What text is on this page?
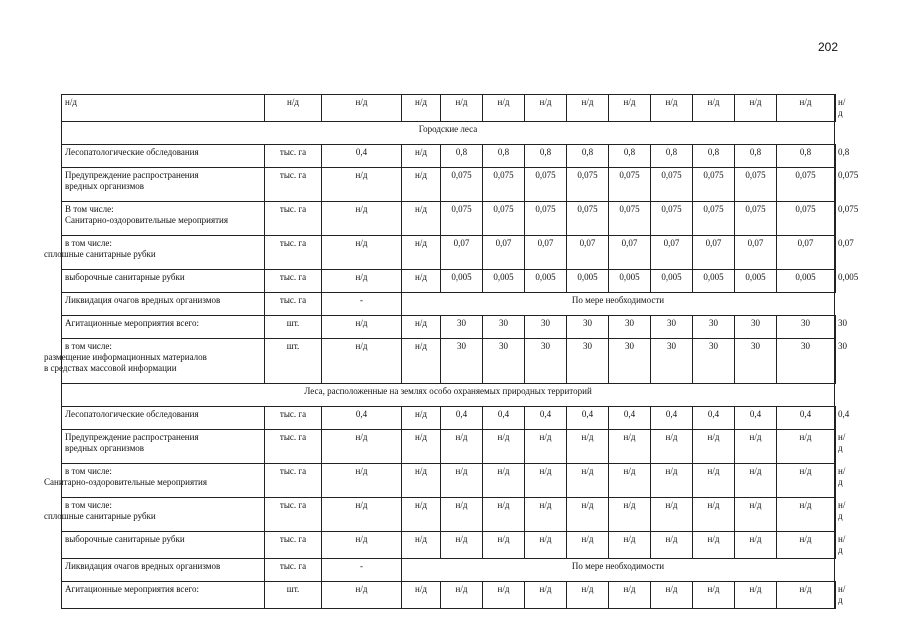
202
н/д	н/д	н/д	н/д	н/д	н/д	н/д	н/д	н/д	н/д	н/д	н/д	н/д	н/д
Городские леса													

Лесопатологические обследования	тыс. га	0,4	н/д	0,8	0,8	0,8	0,8	0,8	0,8	0,8	0,8	0,8	0,8

Предупреждение распространения
вредных организмов	тыс. га	н/д	н/д	0,075	0,075	0,075	0,075	0,075	0,075	0,075	0,075	0,075	0,075

В том числе:
Санитарно-оздоровительные мероприятия	тыс. га	н/д	н/д	0,075	0,075	0,075	0,075	0,075	0,075	0,075	0,075	0,075	0,075

в том числе:
сплошные санитарные рубки	тыс. га	н/д	н/д	0,07	0,07	0,07	0,07	0,07	0,07	0,07	0,07	0,07	0,07

выборочные санитарные рубки	тыс. га	н/д	н/д	0,005	0,005	0,005	0,005	0,005	0,005	0,005	0,005	0,005	0,005

Ликвидация очагов вредных организмов	тыс. га	-	По мере необходимости										

Агитационные мероприятия всего:	шт.	н/д	н/д	30	30	30	30	30	30	30	30	30	30

в том числе:
размещение информационных материалов
в средствах массовой информации	шт.	н/д	н/д	30	30	30	30	30	30	30	30	30	30
Леса, расположенные на землях особо охраняемых природных территорий													

Лесопатологические обследования	тыс. га	0,4	н/д	0,4	0,4	0,4	0,4	0,4	0,4	0,4	0,4	0,4	0,4

Предупреждение распространения
вредных организмов	тыс. га	н/д	н/д	н/д	н/д	н/д	н/д	н/д	н/д	н/д	н/д	н/д	н/д

в том числе:
Санитарно-оздоровительные мероприятия	тыс. га	н/д	н/д	н/д	н/д	н/д	н/д	н/д	н/д	н/д	н/д	н/д	н/д

в том числе:
сплошные санитарные рубки	тыс. га	н/д	н/д	н/д	н/д	н/д	н/д	н/д	н/д	н/д	н/д	н/д	н/д

выборочные санитарные рубки	тыс. га	н/д	н/д	н/д	н/д	н/д	н/д	н/д	н/д	н/д	н/д	н/д	н/д

Ликвидация очагов вредных организмов	тыс. га	-	По мере необходимости										

Агитационные мероприятия всего:	шт.	н/д	н/д	н/д	н/д	н/д	н/д	н/д	н/д	н/д	н/д	н/д	н/д
